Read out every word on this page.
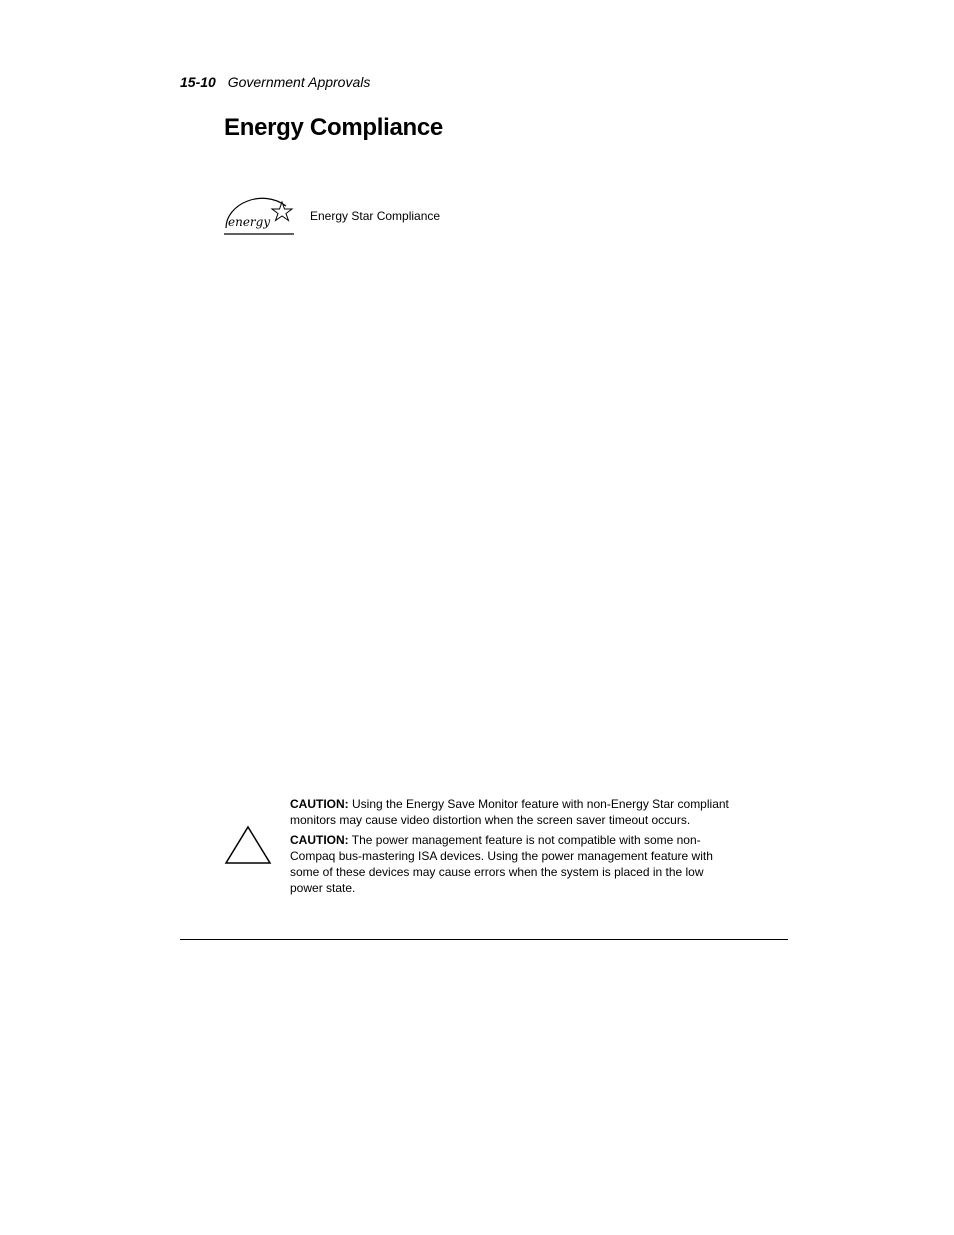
15-10 Government Approvals
Energy Compliance
energy	Energy Star Compliance

CAUTION: Using the Energy Save Monitor feature with non-Energy Star compliant monitors may cause video distortion when the screen saver timeout occurs.

CAUTION: The power management feature is not compatible with some non-Compaq bus-mastering ISA devices. Using the power management feature with some of these devices may cause errors when the system is placed in the low power state.
